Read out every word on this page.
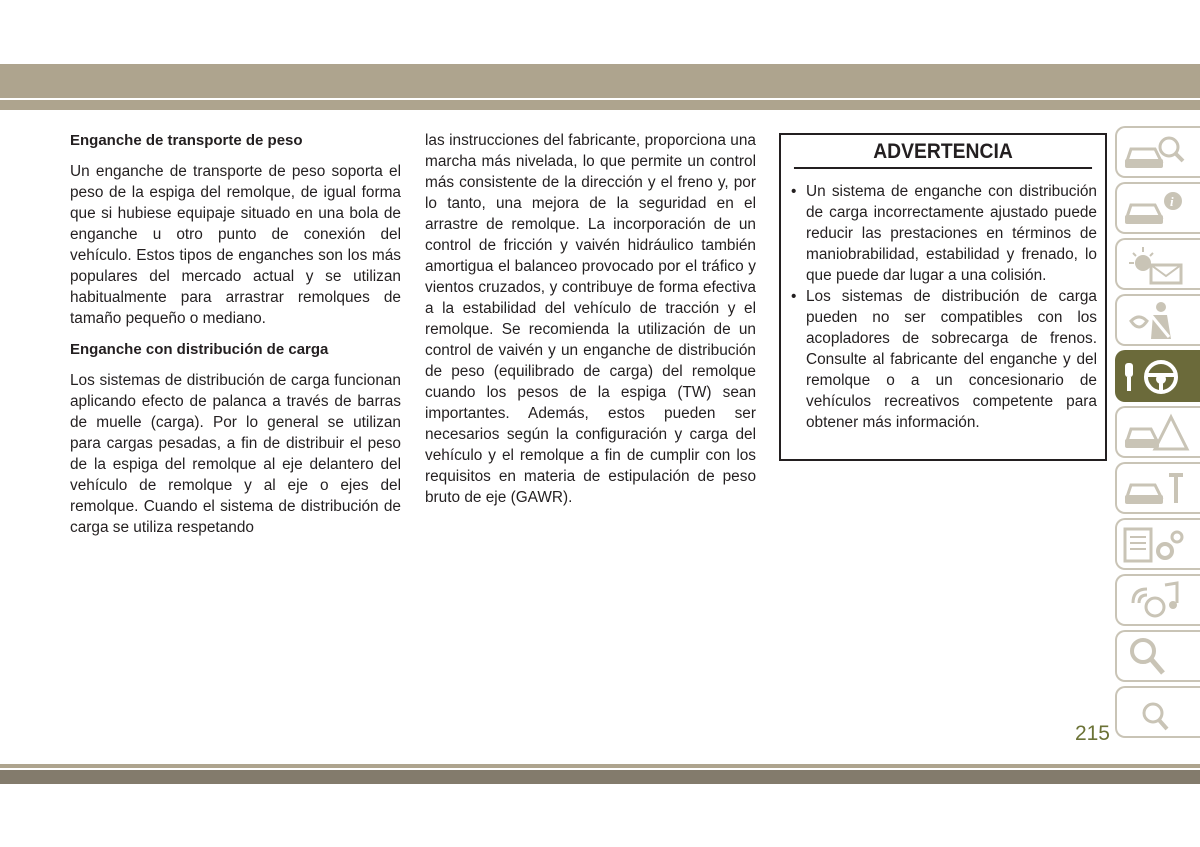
Enganche de transporte de peso

Un enganche de transporte de peso soporta el peso de la espiga del remolque, de igual forma que si hubiese equipaje situado en una bola de enganche u otro punto de conexión del vehículo. Estos tipos de enganches son los más populares del mercado actual y se utilizan habitualmente para arrastrar remolques de tamaño pequeño o mediano.

Enganche con distribución de carga

Los sistemas de distribución de carga funcionan aplicando efecto de palanca a través de barras de muelle (carga). Por lo general se utilizan para cargas pesadas, a fin de distribuir el peso de la espiga del remolque al eje delantero del vehículo de remolque y al eje o ejes del remolque. Cuando el sistema de distribución de carga se utiliza respetando

las instrucciones del fabricante, proporciona una marcha más nivelada, lo que permite un control más consistente de la dirección y el freno y, por lo tanto, una mejora de la seguridad en el arrastre de remolque. La incorporación de un control de fricción y vaivén hidráulico también amortigua el balanceo provocado por el tráfico y vientos cruzados, y contribuye de forma efectiva a la estabilidad del vehículo de tracción y el remolque. Se recomienda la utilización de un control de vaivén y un enganche de distribución de peso (equilibrado de carga) del remolque cuando los pesos de la espiga (TW) sean importantes. Además, estos pueden ser necesarios según la configuración y carga del vehículo y el remolque a fin de cumplir con los requisitos en materia de estipulación de peso bruto de eje (GAWR).

ADVERTENCIA
• Un sistema de enganche con distribución de carga incorrectamente ajustado puede reducir las prestaciones en términos de maniobrabilidad, estabilidad y frenado, lo que puede dar lugar a una colisión.
• Los sistemas de distribución de carga pueden no ser compatibles con los acopladores de sobrecarga de frenos. Consulte al fabricante del enganche y del remolque o a un concesionario de vehículos recreativos competente para obtener más información.
i
215
